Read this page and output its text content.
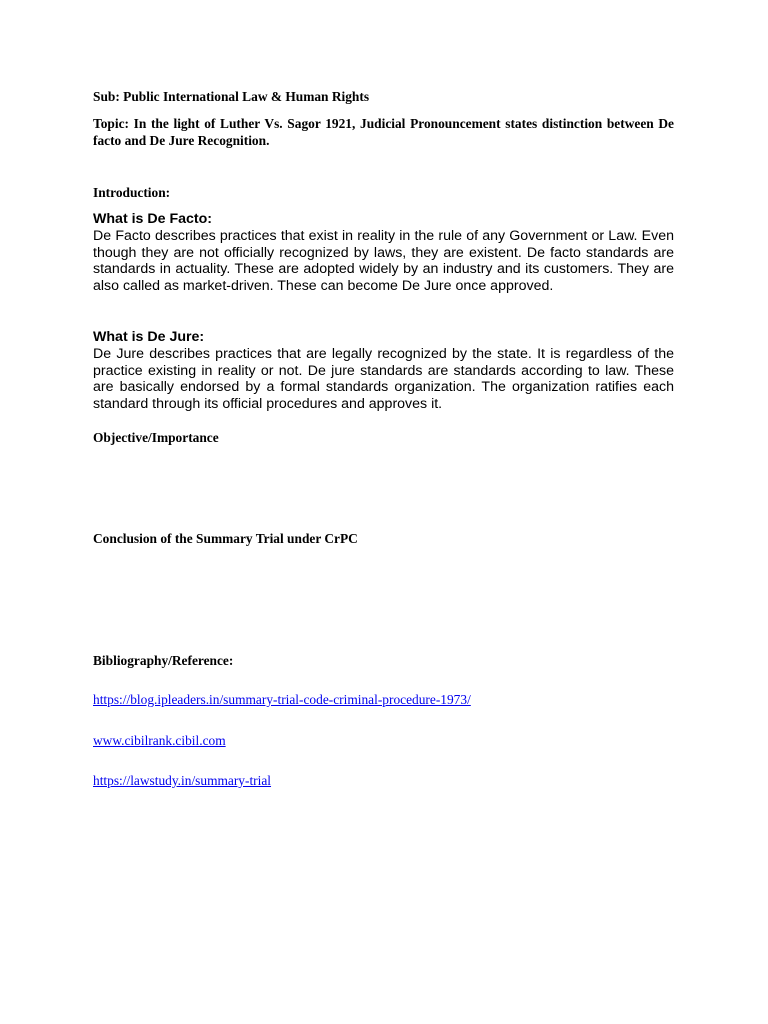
Sub: Public International Law & Human Rights

Topic: In the light of Luther Vs. Sagor 1921, Judicial Pronouncement states distinction between De facto and De Jure Recognition.

Introduction:

What is De Facto:
De Facto describes practices that exist in reality in the rule of any Government or Law. Even though they are not officially recognized by laws, they are existent. De facto standards are standards in actuality. These are adopted widely by an industry and its customers. They are also called as market-driven. These can become De Jure once approved.
What is De Jure:
De Jure describes practices that are legally recognized by the state. It is regardless of the practice existing in reality or not. De jure standards are standards according to law. These are basically endorsed by a formal standards organization. The organization ratifies each standard through its official procedures and approves it.

Objective/Importance

Conclusion of the Summary Trial under CrPC

Bibliography/Reference:

https://blog.ipleaders.in/summary-trial-code-criminal-procedure-1973/
www.cibilrank.cibil.com
https://lawstudy.in/summary-trial
